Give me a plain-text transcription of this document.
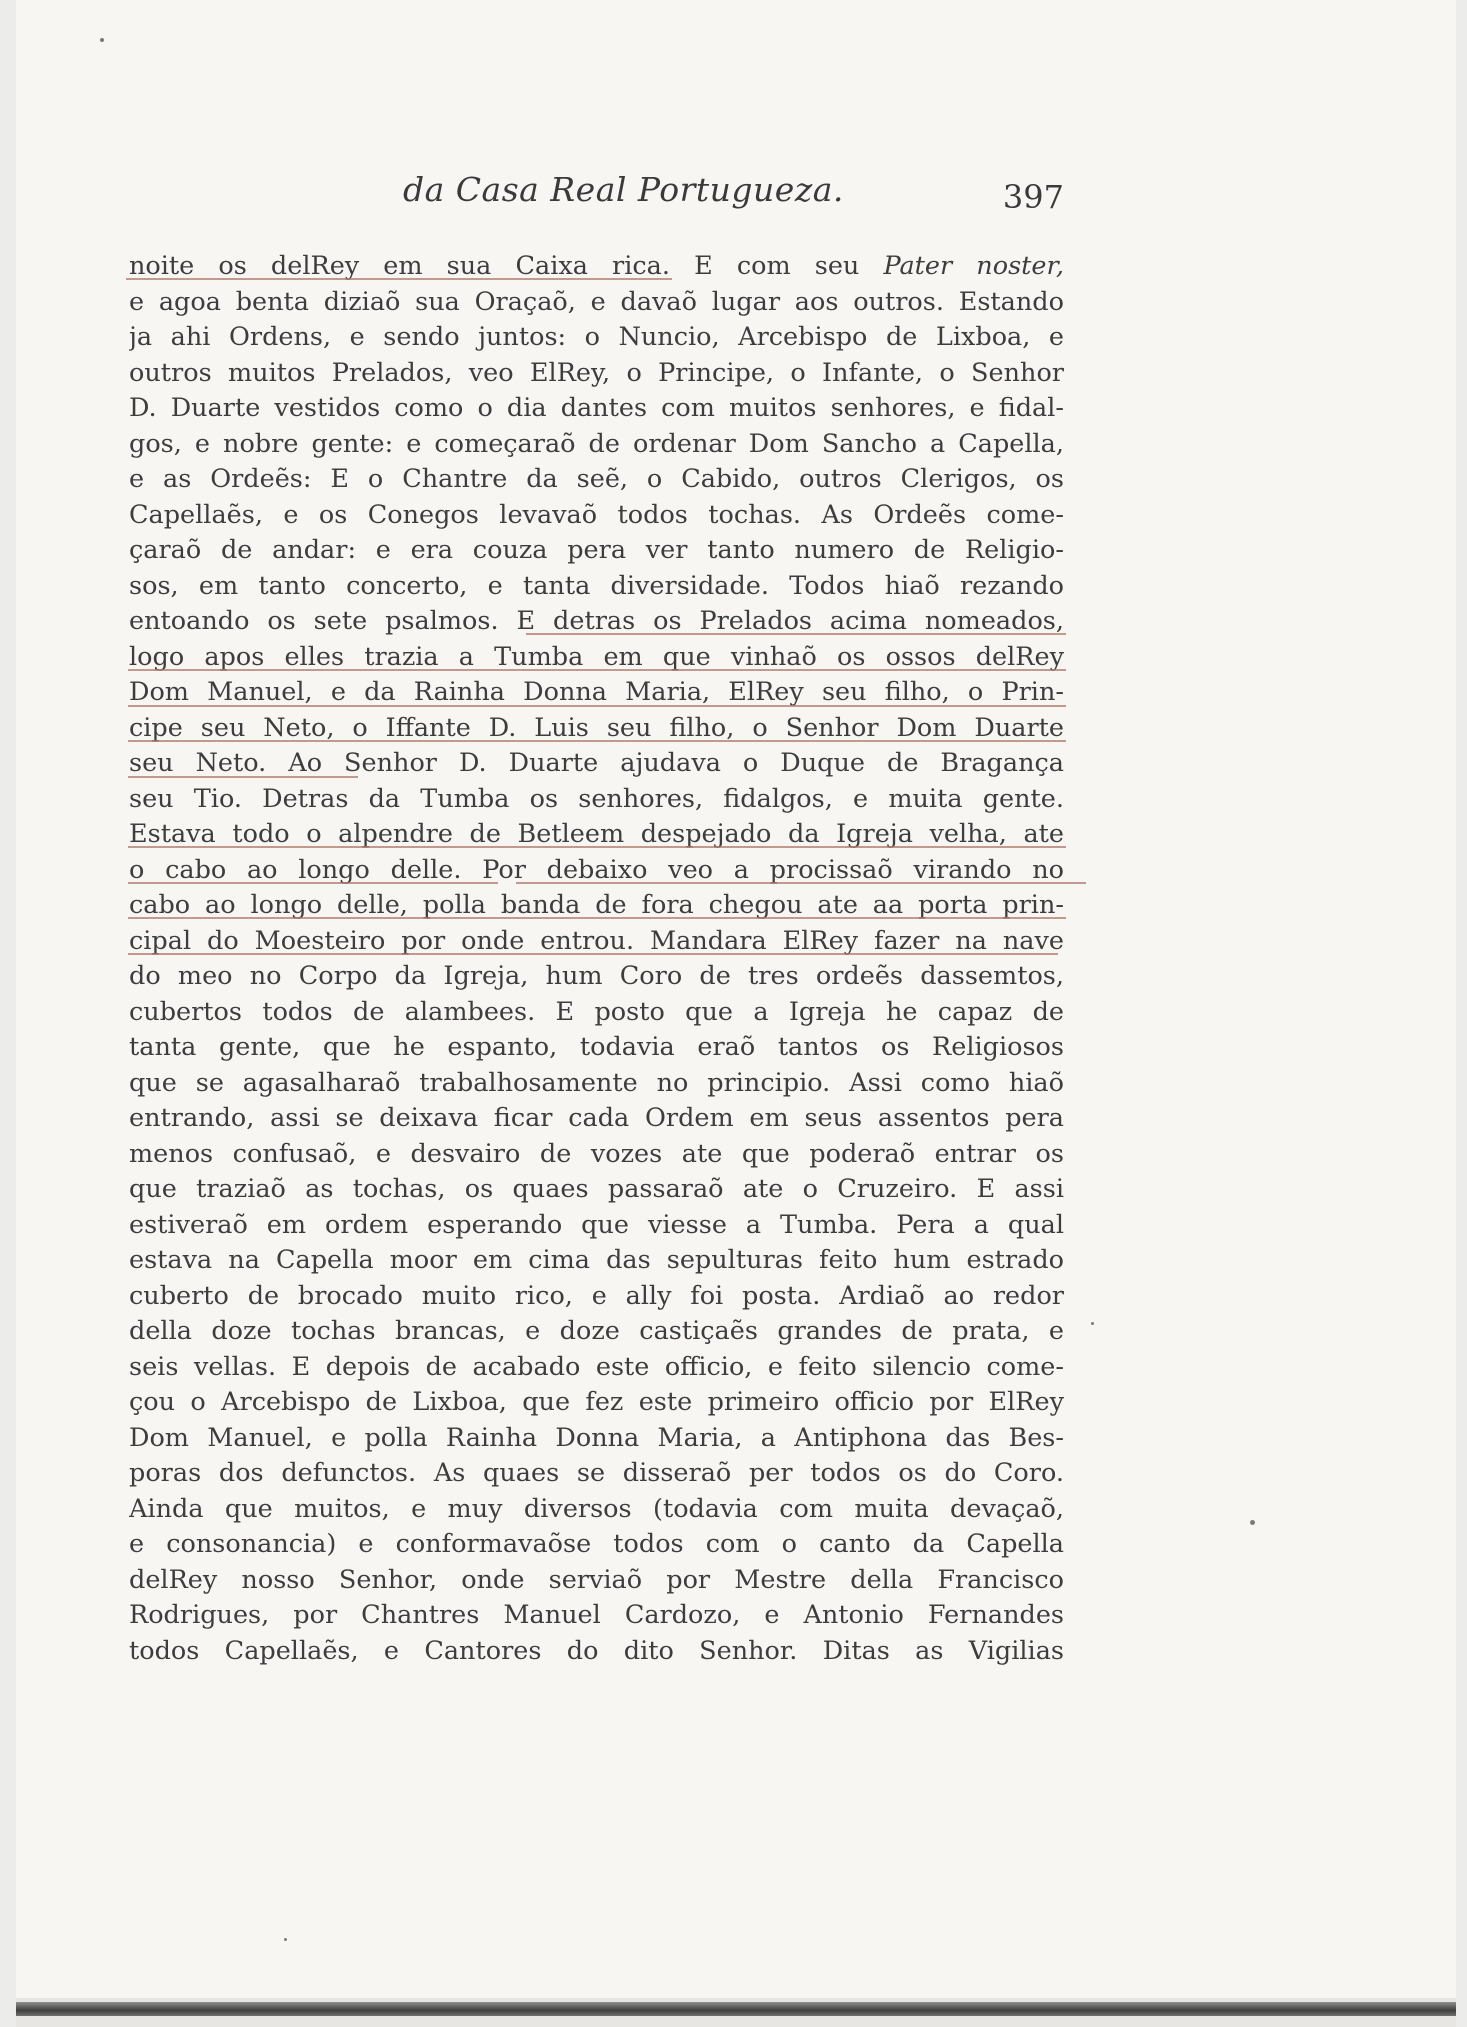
da Casa Real Portugueza.	397
noite os delRey em sua Caixa rica. E com seu Pater noster,
e agoa benta diziaõ sua Oraçaõ, e davaõ lugar aos outros. Estando
ja ahi Ordens, e sendo juntos: o Nuncio, Arcebispo de Lixboa, e
outros muitos Prelados, veo ElRey, o Principe, o Infante, o Senhor
D. Duarte vestidos como o dia dantes com muitos senhores, e fidal-
gos, e nobre gente: e começaraõ de ordenar Dom Sancho a Capella,
e as Ordeẽs: E o Chantre da seẽ, o Cabido, outros Clerigos, os
Capellaẽs, e os Conegos levavaõ todos tochas. As Ordeẽs come-
çaraõ de andar: e era couza pera ver tanto numero de Religio-
sos, em tanto concerto, e tanta diversidade. Todos hiaõ rezando
entoando os sete psalmos. E detras os Prelados acima nomeados,
logo apos elles trazia a Tumba em que vinhaõ os ossos delRey
Dom Manuel, e da Rainha Donna Maria, ElRey seu filho, o Prin-
cipe seu Neto, o Iffante D. Luis seu filho, o Senhor Dom Duarte
seu Neto. Ao Senhor D. Duarte ajudava o Duque de Bragança
seu Tio. Detras da Tumba os senhores, fidalgos, e muita gente.
Estava todo o alpendre de Betleem despejado da Igreja velha, ate
o cabo ao longo delle. Por debaixo veo a procissaõ virando no
cabo ao longo delle, polla banda de fora chegou ate aa porta prin-
cipal do Moesteiro por onde entrou. Mandara ElRey fazer na nave
do meo no Corpo da Igreja, hum Coro de tres ordeẽs dassemtos,
cubertos todos de alambees. E posto que a Igreja he capaz de
tanta gente, que he espanto, todavia eraõ tantos os Religiosos
que se agasalharaõ trabalhosamente no principio. Assi como hiaõ
entrando, assi se deixava ficar cada Ordem em seus assentos pera
menos confusaõ, e desvairo de vozes ate que poderaõ entrar os
que traziaõ as tochas, os quaes passaraõ ate o Cruzeiro. E assi
estiveraõ em ordem esperando que viesse a Tumba. Pera a qual
estava na Capella moor em cima das sepulturas feito hum estrado
cuberto de brocado muito rico, e ally foi posta. Ardiaõ ao redor
della doze tochas brancas, e doze castiçaẽs grandes de prata, e
seis vellas. E depois de acabado este officio, e feito silencio come-
çou o Arcebispo de Lixboa, que fez este primeiro officio por ElRey
Dom Manuel, e polla Rainha Donna Maria, a Antiphona das Bes-
poras dos defunctos. As quaes se disseraõ per todos os do Coro.
Ainda que muitos, e muy diversos (todavia com muita devaçaõ,
e consonancia) e conformavaõse todos com o canto da Capella
delRey nosso Senhor, onde serviaõ por Mestre della Francisco
Rodrigues, por Chantres Manuel Cardozo, e Antonio Fernandes
todos Capellaẽs, e Cantores do dito Senhor. Ditas as Vigilias
